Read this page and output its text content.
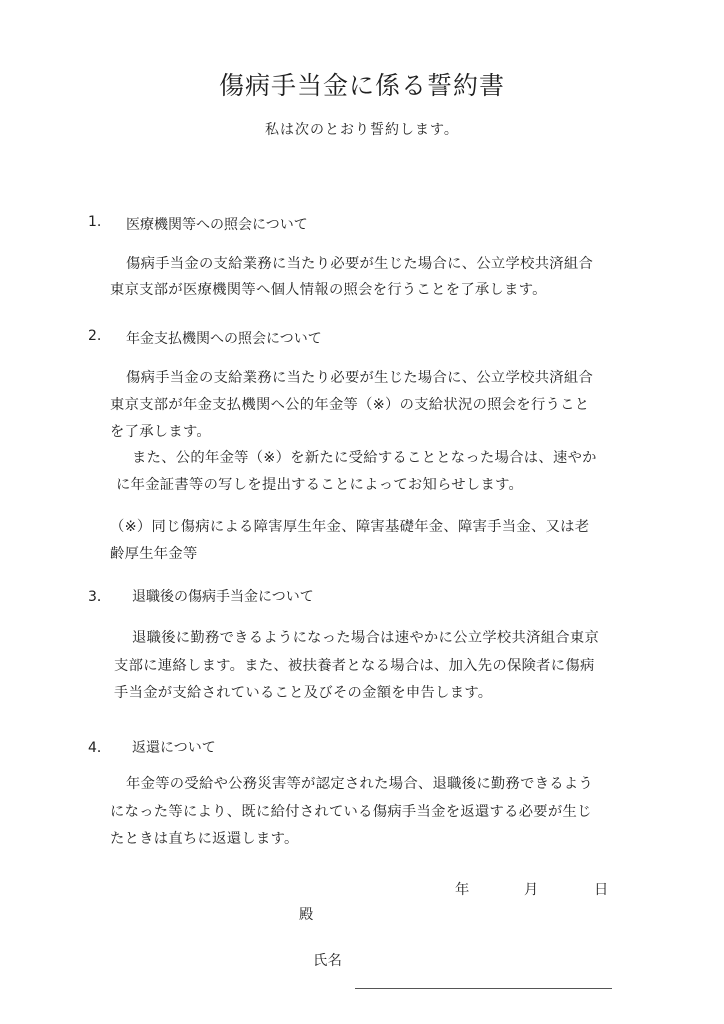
傷病手当金に係る誓約書
私は次のとおり誓約します。
1. 医療機関等への照会について
傷病手当金の支給業務に当たり必要が生じた場合に、公立学校共済組合
東京支部が医療機関等へ個人情報の照会を行うことを了承します。
2. 年金支払機関への照会について
傷病手当金の支給業務に当たり必要が生じた場合に、公立学校共済組合
東京支部が年金支払機関へ公的年金等（※）の支給状況の照会を行うこと
を了承します。
また、公的年金等（※）を新たに受給することとなった場合は、速やか
に年金証書等の写しを提出することによってお知らせします。
（※）同じ傷病による障害厚生年金、障害基礎年金、障害手当金、又は老
齢厚生年金等
3． 退職後の傷病手当金について
退職後に勤務できるようになった場合は速やかに公立学校共済組合東京
支部に連絡します。また、被扶養者となる場合は、加入先の保険者に傷病
手当金が支給されていること及びその金額を申告します。
4． 返還について
年金等の受給や公務災害等が認定された場合、退職後に勤務できるよう
になった等により、既に給付されている傷病手当金を返還する必要が生じ
たときは直ちに返還します。
年	月	日
殿
氏名
